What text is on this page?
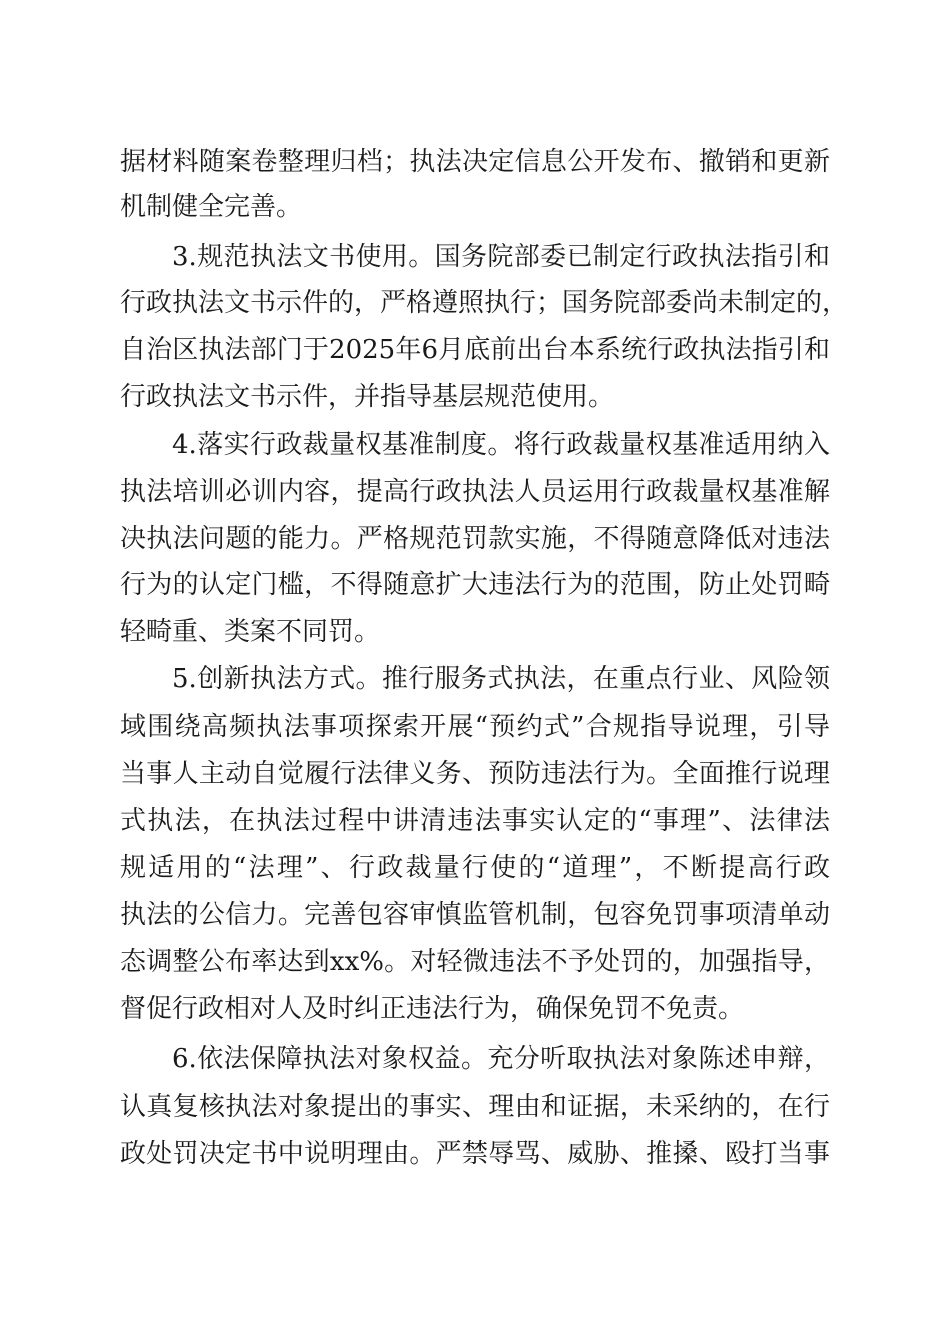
据材料随案卷整理归档；执法决定信息公开发布、撤销和更新

机制健全完善。

3.规范执法文书使用。国务院部委已制定行政执法指引和

行政执法文书示件的，严格遵照执行；国务院部委尚未制定的，

自治区执法部门于2025年6月底前出台本系统行政执法指引和

行政执法文书示件，并指导基层规范使用。

4.落实行政裁量权基准制度。将行政裁量权基准适用纳入

执法培训必训内容，提高行政执法人员运用行政裁量权基准解

决执法问题的能力。严格规范罚款实施，不得随意降低对违法

行为的认定门槛，不得随意扩大违法行为的范围，防止处罚畸

轻畸重、类案不同罚。

5.创新执法方式。推行服务式执法，在重点行业、风险领

域围绕高频执法事项探索开展“预约式”合规指导说理，引导

当事人主动自觉履行法律义务、预防违法行为。全面推行说理

式执法，在执法过程中讲清违法事实认定的“事理”、法律法

规适用的“法理”、行政裁量行使的“道理”，不断提高行政

执法的公信力。完善包容审慎监管机制，包容免罚事项清单动

态调整公布率达到xx%。对轻微违法不予处罚的，加强指导，

督促行政相对人及时纠正违法行为，确保免罚不免责。

6.依法保障执法对象权益。充分听取执法对象陈述申辩，

认真复核执法对象提出的事实、理由和证据，未采纳的，在行

政处罚决定书中说明理由。严禁辱骂、威胁、推搡、殴打当事
